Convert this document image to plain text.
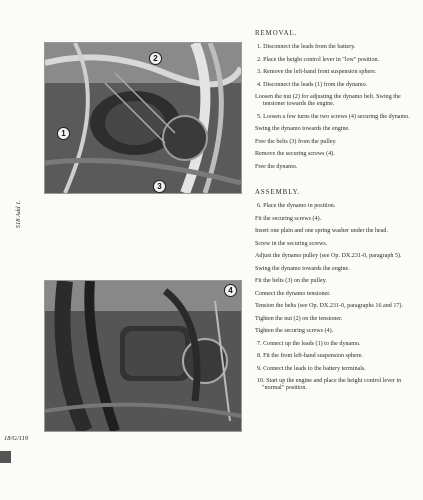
1
2
3
4
518 Add 1.
18/G/119
REMOVAL.
1. Disconnect the leads from the battery.
2. Place the height control lever in "low" position.
3. Remove the left-hand front suspension sphere.
4. Disconnect the leads (1) from the dynamo.
Loosen the nut (2) for adjusting the dynamo belt. Swing the tensioner towards the engine.
5. Loosen a few turns the two screws (4) securing the dynamo.
Swing the dynamo towards the engine.
Free the belts (3) from the pulley.
Remove the securing screws (4).
Free the dynamo.
ASSEMBLY.
6. Place the dynamo in position.
Fit the securing screws (4).
Insert one plain and one spring washer under the head.
Screw in the securing screws.
Adjust the dynamo pulley (see Op. DX.231-0, paragraph 5).
Swing the dynamo towards the engine.
Fit the belts (3) on the pulley.
Connect the dynamo tensioner.
Tension the belts (see Op. DX.231-0, paragraphs 16 and 17).
Tighten the nut (2) on the tensioner.
Tighten the securing screws (4).
7. Connect up the leads (1) to the dynamo.
8. Fit the front left-hand suspension sphere.
9. Connect the leads to the battery terminals.
10. Start up the engine and place the height control lever in "normal" position.
